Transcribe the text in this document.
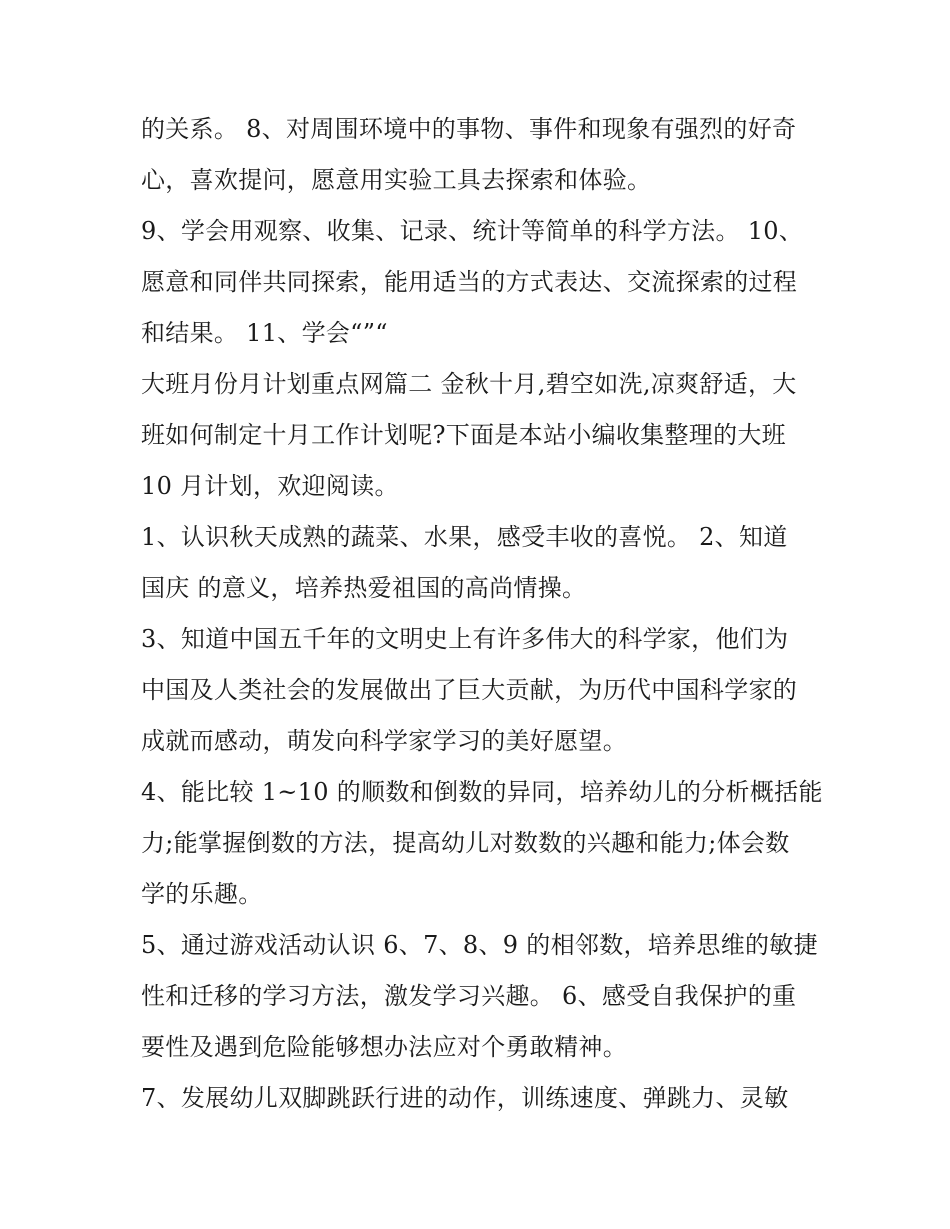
的关系。 8、对周围环境中的事物、事件和现象有强烈的好奇
心，喜欢提问，愿意用实验工具去探索和体验。
9、学会用观察、收集、记录、统计等简单的科学方法。 10、
愿意和同伴共同探索，能用适当的方式表达、交流探索的过程
和结果。 11、学会“”“
大班月份月计划重点网篇二 金秋十月,碧空如洗,凉爽舒适，大
班如何制定十月工作计划呢?下面是本站小编收集整理的大班
10 月计划，欢迎阅读。
1、认识秋天成熟的蔬菜、水果，感受丰收的喜悦。 2、知道
国庆 的意义，培养热爱祖国的高尚情操。
3、知道中国五千年的文明史上有许多伟大的科学家，他们为
中国及人类社会的发展做出了巨大贡献，为历代中国科学家的
成就而感动，萌发向科学家学习的美好愿望。
4、能比较 1~10 的顺数和倒数的异同，培养幼儿的分析概括能
力;能掌握倒数的方法，提高幼儿对数数的兴趣和能力;体会数
学的乐趣。
5、通过游戏活动认识 6、7、8、9 的相邻数，培养思维的敏捷
性和迁移的学习方法，激发学习兴趣。 6、感受自我保护的重
要性及遇到危险能够想办法应对个勇敢精神。
7、发展幼儿双脚跳跃行进的动作，训练速度、弹跳力、灵敏
